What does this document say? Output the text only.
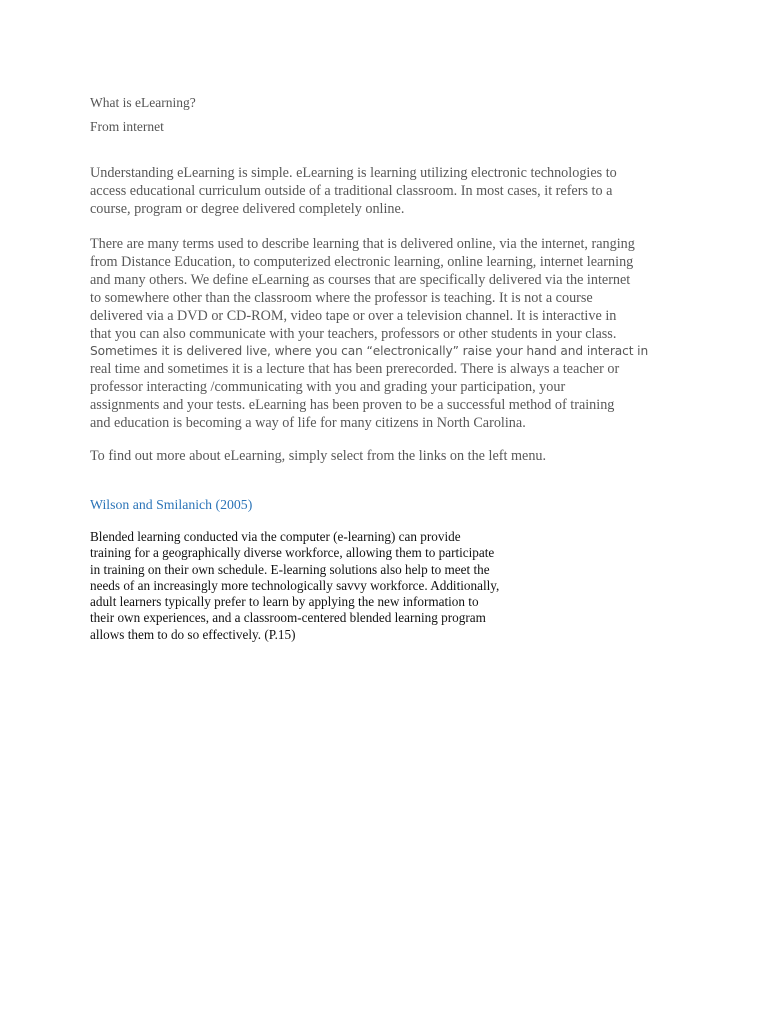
What is eLearning?
From internet
Understanding eLearning is simple. eLearning is learning utilizing electronic technologies to
access educational curriculum outside of a traditional classroom. In most cases, it refers to a
course, program or degree delivered completely online.
There are many terms used to describe learning that is delivered online, via the internet, ranging
from Distance Education, to computerized electronic learning, online learning, internet learning
and many others. We define eLearning as courses that are specifically delivered via the internet
to somewhere other than the classroom where the professor is teaching. It is not a course
delivered via a DVD or CD-ROM, video tape or over a television channel. It is interactive in
that you can also communicate with your teachers, professors or other students in your class.
Sometimes it is delivered live, where you can “electronically” raise your hand and interact in
real time and sometimes it is a lecture that has been prerecorded. There is always a teacher or
professor interacting /communicating with you and grading your participation, your
assignments and your tests. eLearning has been proven to be a successful method of training
and education is becoming a way of life for many citizens in North Carolina.
To find out more about eLearning, simply select from the links on the left menu.
Wilson and Smilanich (2005)
Blended learning conducted via the computer (e-learning) can provide
training for a geographically diverse workforce, allowing them to participate
in training on their own schedule. E-learning solutions also help to meet the
needs of an increasingly more technologically savvy workforce. Additionally,
adult learners typically prefer to learn by applying the new information to
their own experiences, and a classroom-centered blended learning program
allows them to do so effectively. (P.15)
